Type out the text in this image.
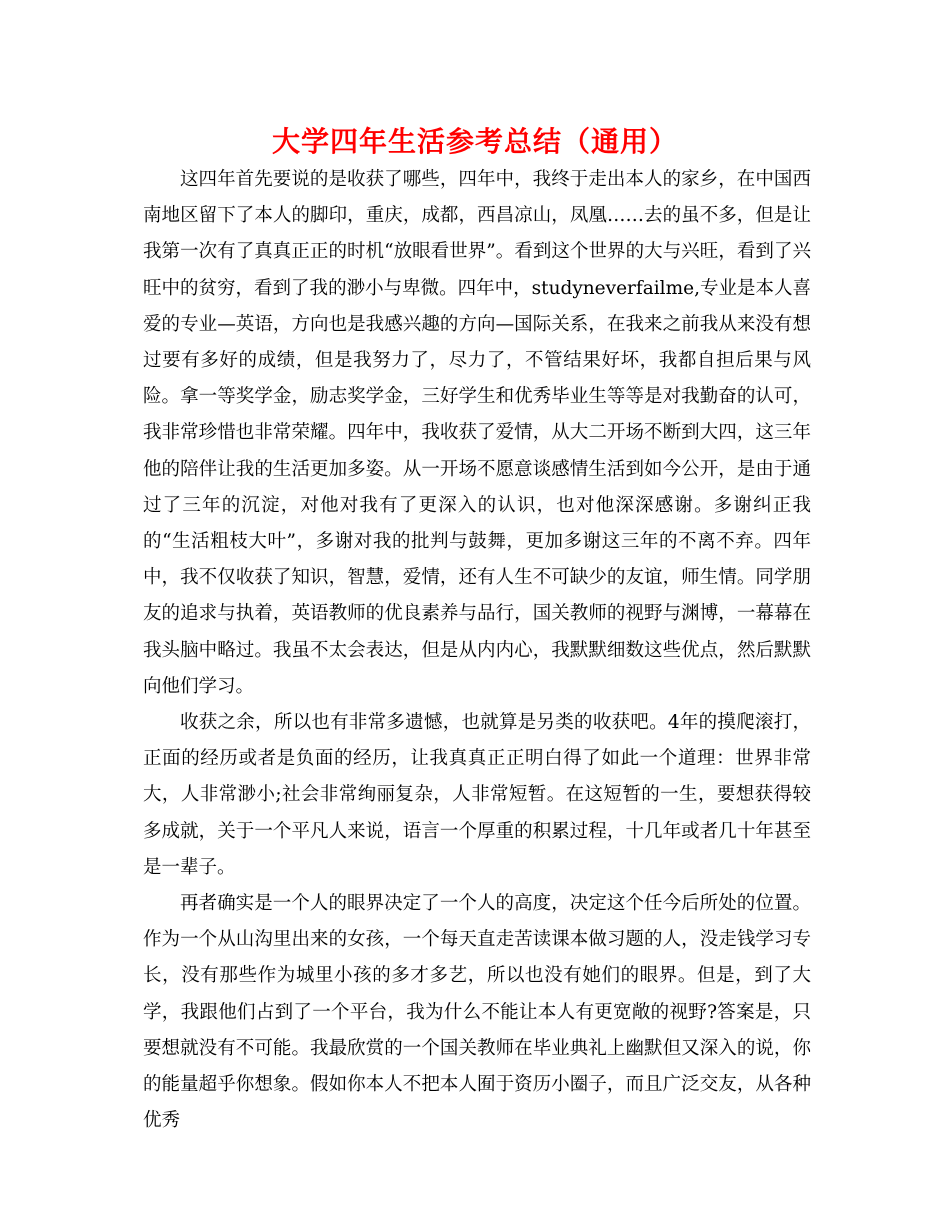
大学四年生活参考总结（通用）

这四年首先要说的是收获了哪些，四年中，我终于走出本人的家乡，在中国西南地区留下了本人的脚印，重庆，成都，西昌凉山，凤凰……去的虽不多，但是让我第一次有了真真正正的时机“放眼看世界”。看到这个世界的大与兴旺，看到了兴旺中的贫穷，看到了我的渺小与卑微。四年中，studyneverfailme,专业是本人喜爱的专业—英语，方向也是我感兴趣的方向—国际关系，在我来之前我从来没有想过要有多好的成绩，但是我努力了，尽力了，不管结果好坏，我都自担后果与风险。拿一等奖学金，励志奖学金，三好学生和优秀毕业生等等是对我勤奋的认可，我非常珍惜也非常荣耀。四年中，我收获了爱情，从大二开场不断到大四，这三年他的陪伴让我的生活更加多姿。从一开场不愿意谈感情生活到如今公开，是由于通过了三年的沉淀，对他对我有了更深入的认识，也对他深深感谢。多谢纠正我的“生活粗枝大叶”，多谢对我的批判与鼓舞，更加多谢这三年的不离不弃。四年中，我不仅收获了知识，智慧，爱情，还有人生不可缺少的友谊，师生情。同学朋友的追求与执着，英语教师的优良素养与品行，国关教师的视野与渊博，一幕幕在我头脑中略过。我虽不太会表达，但是从内内心，我默默细数这些优点，然后默默向他们学习。

收获之余，所以也有非常多遗憾，也就算是另类的收获吧。4年的摸爬滚打，正面的经历或者是负面的经历，让我真真正正明白得了如此一个道理：世界非常大，人非常渺小;社会非常绚丽复杂，人非常短暂。在这短暂的一生，要想获得较多成就，关于一个平凡人来说，语言一个厚重的积累过程，十几年或者几十年甚至是一辈子。

再者确实是一个人的眼界决定了一个人的高度，决定这个任今后所处的位置。作为一个从山沟里出来的女孩，一个每天直走苦读课本做习题的人，没走钱学习专长，没有那些作为城里小孩的多才多艺，所以也没有她们的眼界。但是，到了大学，我跟他们占到了一个平台，我为什么不能让本人有更宽敞的视野?答案是，只要想就没有不可能。我最欣赏的一个国关教师在毕业典礼上幽默但又深入的说，你的能量超乎你想象。假如你本人不把本人囿于资历小圈子，而且广泛交友，从各种优秀
